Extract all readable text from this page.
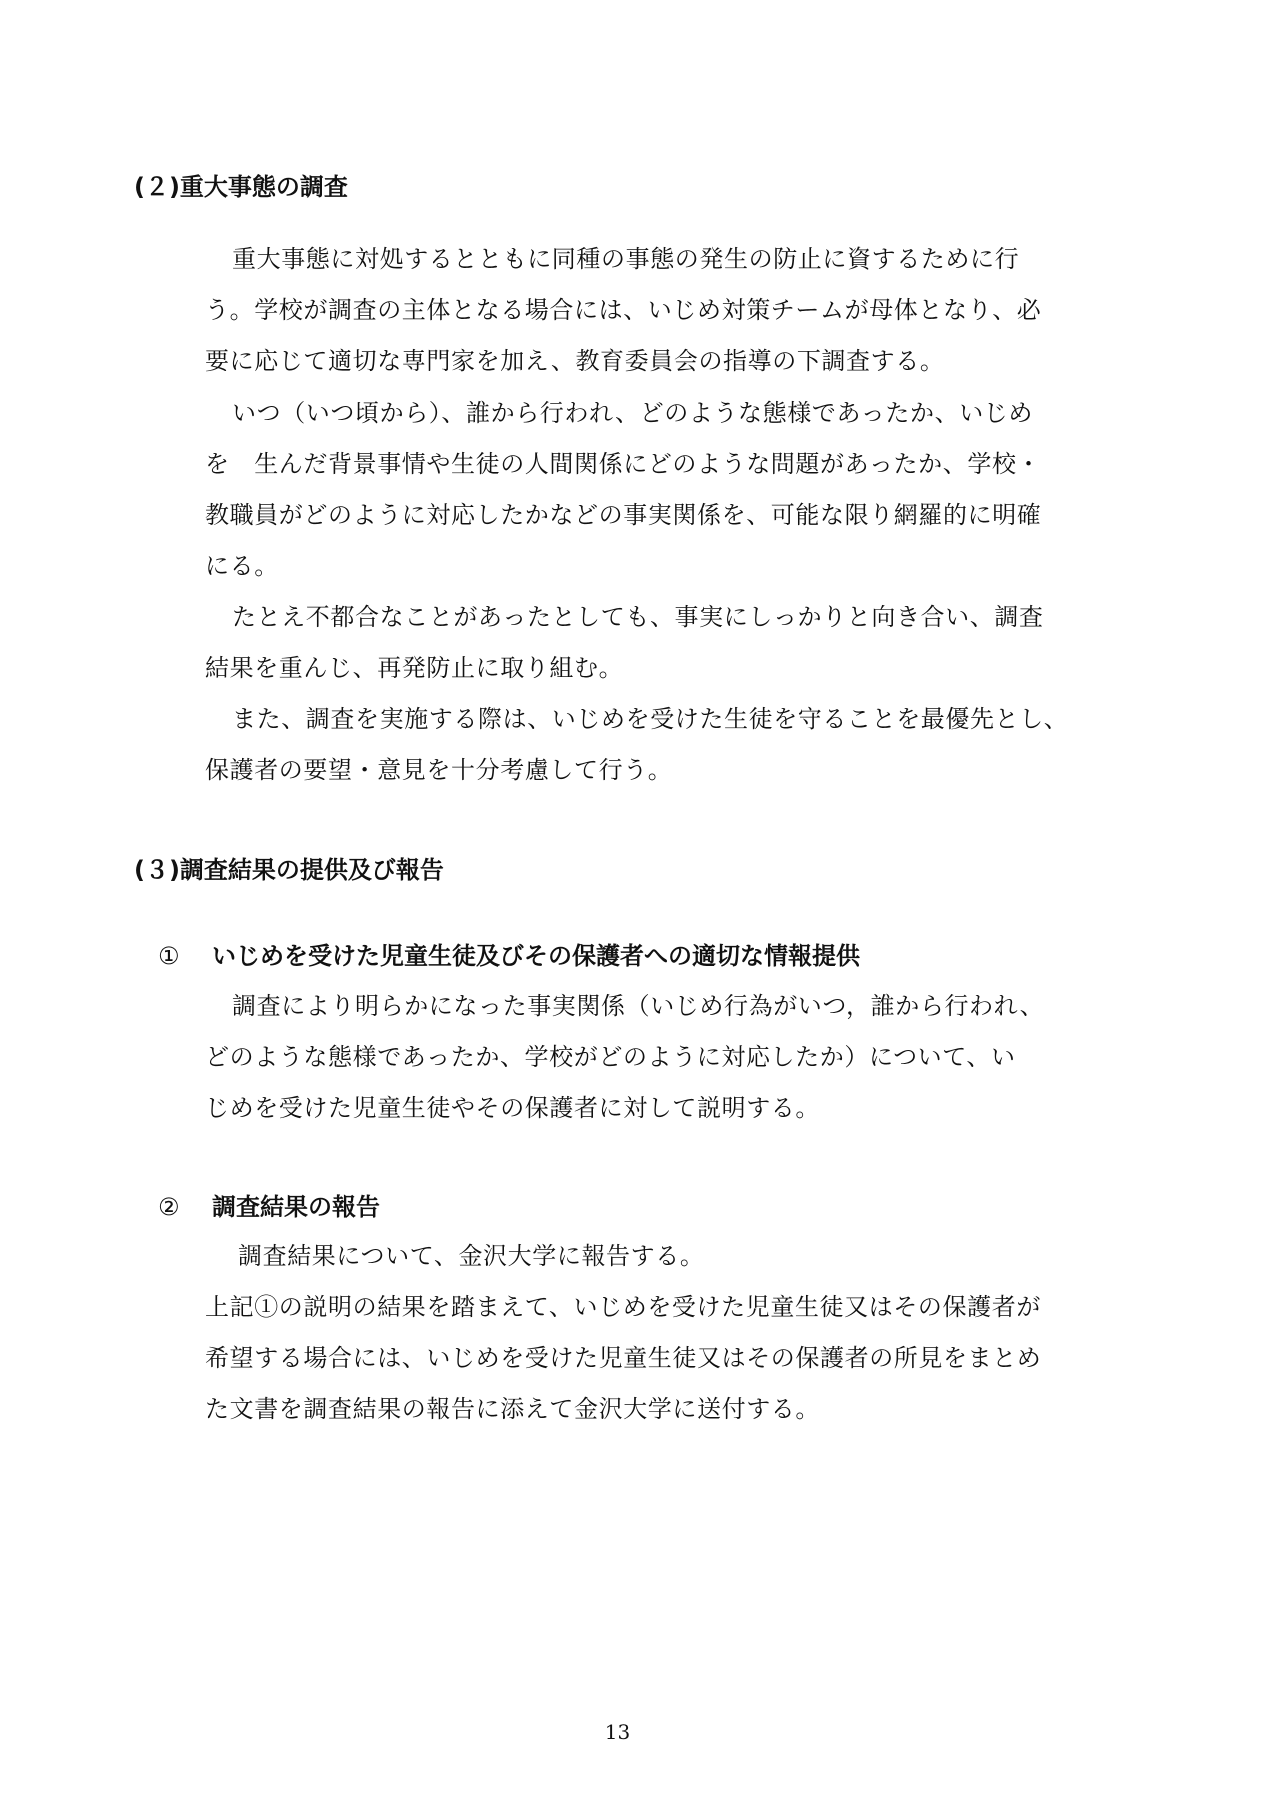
(２)重大事態の調査
重大事態に対処するとともに同種の事態の発生の防止に資するために行
う。学校が調査の主体となる場合には、いじめ対策チームが母体となり、必
要に応じて適切な専門家を加え、教育委員会の指導の下調査する。
いつ（いつ頃から）、誰から行われ、どのような態様であったか、いじめ
を　生んだ背景事情や生徒の人間関係にどのような問題があったか、学校・
教職員がどのように対応したかなどの事実関係を、可能な限り網羅的に明確
にる。
たとえ不都合なことがあったとしても、事実にしっかりと向き合い、調査
結果を重んじ、再発防止に取り組む。
また、調査を実施する際は、いじめを受けた生徒を守ることを最優先とし、
保護者の要望・意見を十分考慮して行う。
(３)調査結果の提供及び報告
① いじめを受けた児童生徒及びその保護者への適切な情報提供
調査により明らかになった事実関係（いじめ行為がいつ，誰から行われ、
どのような態様であったか、学校がどのように対応したか）について、い
じめを受けた児童生徒やその保護者に対して説明する。
② 調査結果の報告
調査結果について、金沢大学に報告する。
上記①の説明の結果を踏まえて、いじめを受けた児童生徒又はその保護者が
希望する場合には、いじめを受けた児童生徒又はその保護者の所見をまとめ
た文書を調査結果の報告に添えて金沢大学に送付する。
13
